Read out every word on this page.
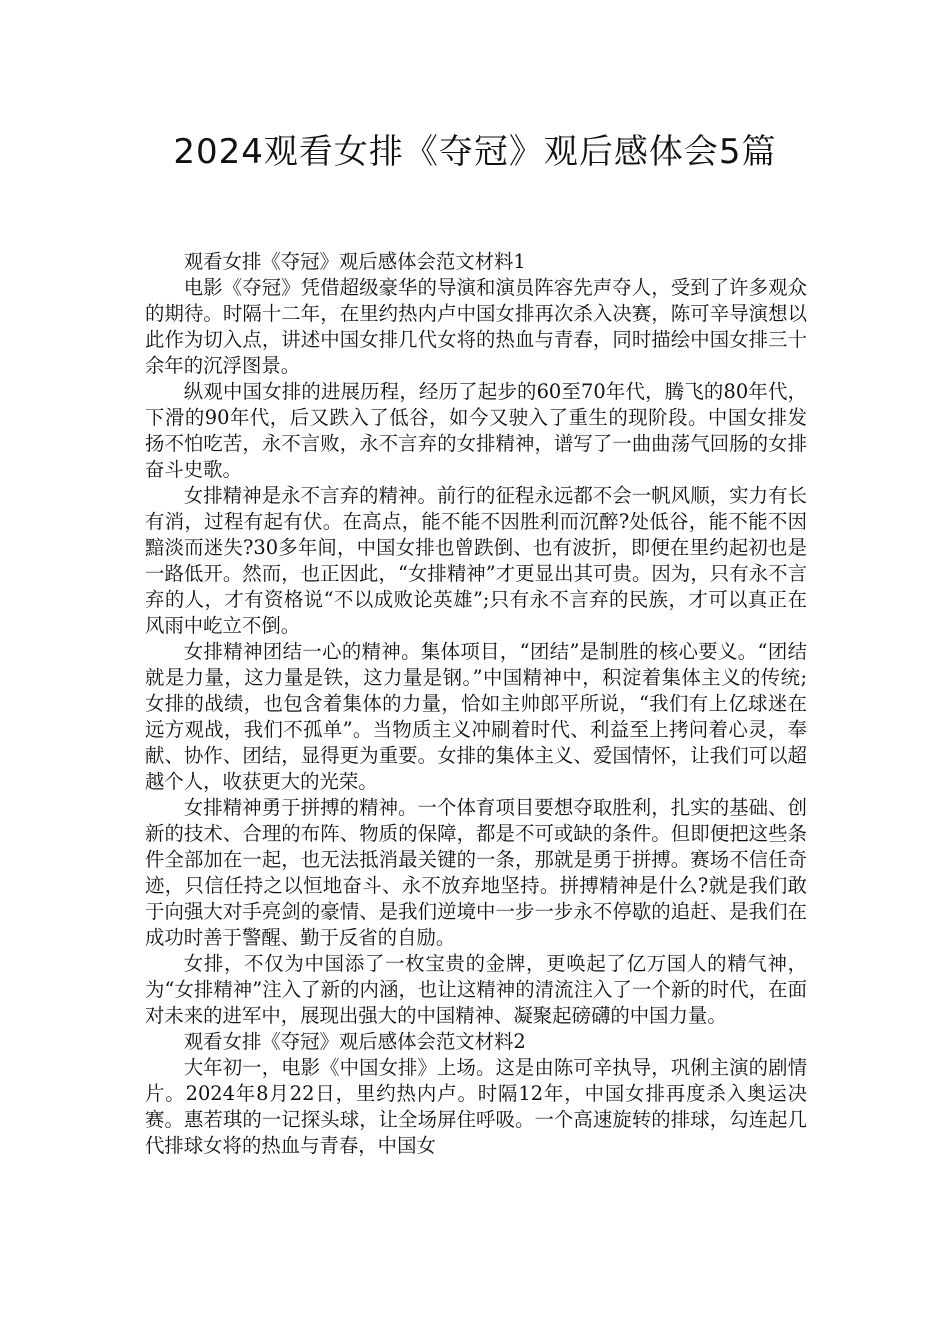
2024观看女排《夺冠》观后感体会5篇

观看女排《夺冠》观后感体会范文材料1

电影《夺冠》凭借超级豪华的导演和演员阵容先声夺人，受到了许多观众的期待。时隔十二年，在里约热内卢中国女排再次杀入决赛，陈可辛导演想以此作为切入点，讲述中国女排几代女将的热血与青春，同时描绘中国女排三十余年的沉浮图景。

纵观中国女排的进展历程，经历了起步的60至70年代，腾飞的80年代，下滑的90年代，后又跌入了低谷，如今又驶入了重生的现阶段。中国女排发扬不怕吃苦，永不言败，永不言弃的女排精神，谱写了一曲曲荡气回肠的女排奋斗史歌。

女排精神是永不言弃的精神。前行的征程永远都不会一帆风顺，实力有长有消，过程有起有伏。在高点，能不能不因胜利而沉醉?处低谷，能不能不因黯淡而迷失?30多年间，中国女排也曾跌倒、也有波折，即便在里约起初也是一路低开。然而，也正因此，“女排精神”才更显出其可贵。因为，只有永不言弃的人，才有资格说“不以成败论英雄”;只有永不言弃的民族，才可以真正在风雨中屹立不倒。

女排精神团结一心的精神。集体项目，“团结”是制胜的核心要义。“团结就是力量，这力量是铁，这力量是钢。”中国精神中，积淀着集体主义的传统;女排的战绩，也包含着集体的力量，恰如主帅郎平所说，“我们有上亿球迷在远方观战，我们不孤单”。当物质主义冲刷着时代、利益至上拷问着心灵，奉献、协作、团结，显得更为重要。女排的集体主义、爱国情怀，让我们可以超越个人，收获更大的光荣。

女排精神勇于拼搏的精神。一个体育项目要想夺取胜利，扎实的基础、创新的技术、合理的布阵、物质的保障，都是不可或缺的条件。但即便把这些条件全部加在一起，也无法抵消最关键的一条，那就是勇于拼搏。赛场不信任奇迹，只信任持之以恒地奋斗、永不放弃地坚持。拼搏精神是什么?就是我们敢于向强大对手亮剑的豪情、是我们逆境中一步一步永不停歇的追赶、是我们在成功时善于警醒、勤于反省的自励。

女排，不仅为中国添了一枚宝贵的金牌，更唤起了亿万国人的精气神，为“女排精神”注入了新的内涵，也让这精神的清流注入了一个新的时代，在面对未来的进军中，展现出强大的中国精神、凝聚起磅礴的中国力量。

观看女排《夺冠》观后感体会范文材料2

大年初一，电影《中国女排》上场。这是由陈可辛执导，巩俐主演的剧情片。2024年8月22日，里约热内卢。时隔12年，中国女排再度杀入奥运决赛。惠若琪的一记探头球，让全场屏住呼吸。一个高速旋转的排球，勾连起几代排球女将的热血与青春，中国女
